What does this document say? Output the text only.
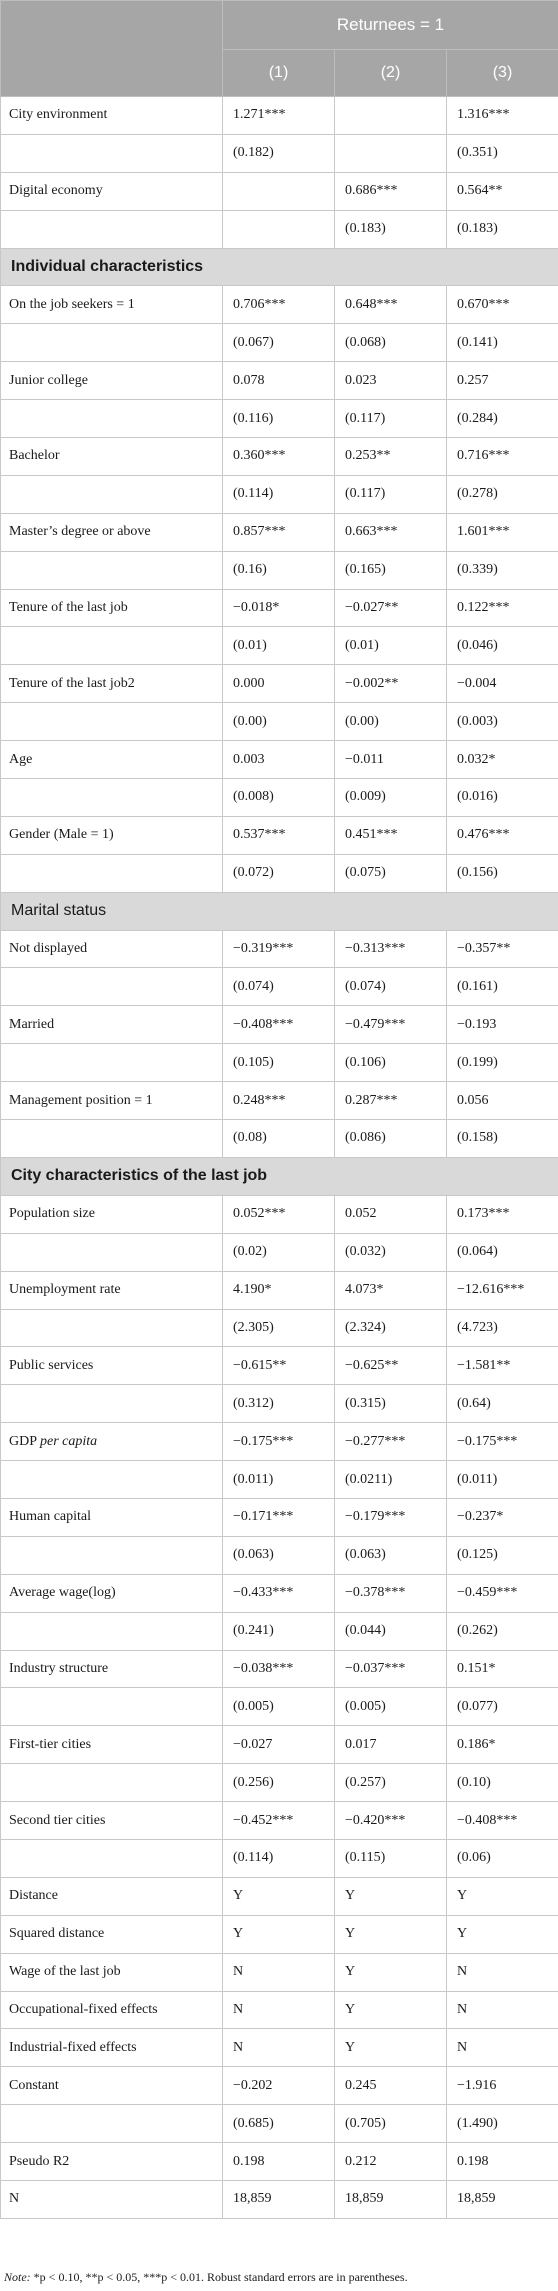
	Returnees = 1		
	(1)	(2)	(3)
City environment	1.271***		1.316***
	(0.182)		(0.351)
Digital economy		0.686***	0.564**
		(0.183)	(0.183)
Individual characteristics			
On the job seekers = 1	0.706***	0.648***	0.670***
	(0.067)	(0.068)	(0.141)
Junior college	0.078	0.023	0.257
	(0.116)	(0.117)	(0.284)
Bachelor	0.360***	0.253**	0.716***
	(0.114)	(0.117)	(0.278)
Master’s degree or above	0.857***	0.663***	1.601***
	(0.16)	(0.165)	(0.339)
Tenure of the last job	−0.018*	−0.027**	0.122***
	(0.01)	(0.01)	(0.046)
Tenure of the last job2	0.000	−0.002**	−0.004
	(0.00)	(0.00)	(0.003)
Age	0.003	−0.011	0.032*
	(0.008)	(0.009)	(0.016)
Gender (Male = 1)	0.537***	0.451***	0.476***
	(0.072)	(0.075)	(0.156)
Marital status			
Not displayed	−0.319***	−0.313***	−0.357**
	(0.074)	(0.074)	(0.161)
Married	−0.408***	−0.479***	−0.193
	(0.105)	(0.106)	(0.199)
Management position = 1	0.248***	0.287***	0.056
	(0.08)	(0.086)	(0.158)
City characteristics of the last job			
Population size	0.052***	0.052	0.173***
	(0.02)	(0.032)	(0.064)
Unemployment rate	4.190*	4.073*	−12.616***
	(2.305)	(2.324)	(4.723)
Public services	−0.615**	−0.625**	−1.581**
	(0.312)	(0.315)	(0.64)
GDP per capita	−0.175***	−0.277***	−0.175***
	(0.011)	(0.0211)	(0.011)
Human capital	−0.171***	−0.179***	−0.237*
	(0.063)	(0.063)	(0.125)
Average wage(log)	−0.433***	−0.378***	−0.459***
	(0.241)	(0.044)	(0.262)
Industry structure	−0.038***	−0.037***	0.151*
	(0.005)	(0.005)	(0.077)
First-tier cities	−0.027	0.017	0.186*
	(0.256)	(0.257)	(0.10)
Second tier cities	−0.452***	−0.420***	−0.408***
	(0.114)	(0.115)	(0.06)
Distance	Y	Y	Y
Squared distance	Y	Y	Y
Wage of the last job	N	Y	N
Occupational-fixed effects	N	Y	N
Industrial-fixed effects	N	Y	N
Constant	−0.202	0.245	−1.916
	(0.685)	(0.705)	(1.490)
Pseudo R2	0.198	0.212	0.198
N	18,859	18,859	18,859
Note: *p < 0.10, **p < 0.05, ***p < 0.01. Robust standard errors are in parentheses.
